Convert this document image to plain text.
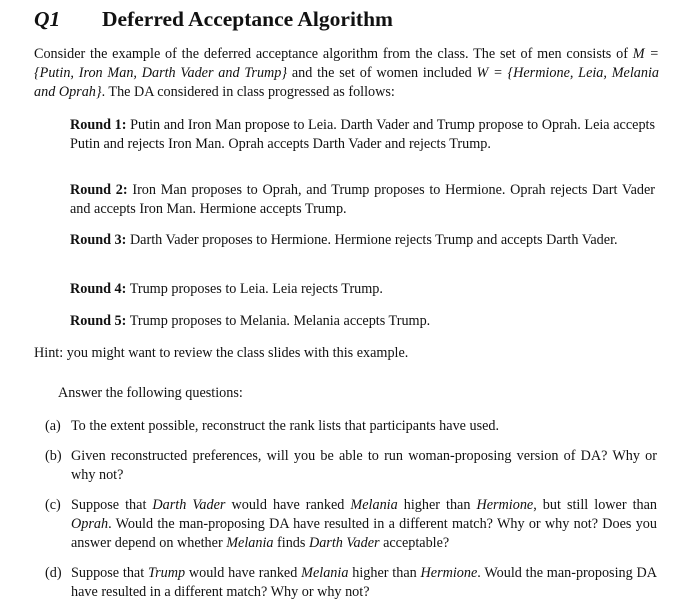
Q1 Deferred Acceptance Algorithm
Consider the example of the deferred acceptance algorithm from the class. The set of men consists of M = {Putin, Iron Man, Darth Vader and Trump} and the set of women included W = {Hermione, Leia, Melania and Oprah}. The DA considered in class progressed as follows:
Round 1: Putin and Iron Man propose to Leia. Darth Vader and Trump propose to Oprah. Leia accepts Putin and rejects Iron Man. Oprah accepts Darth Vader and rejects Trump.
Round 2: Iron Man proposes to Oprah, and Trump proposes to Hermione. Oprah rejects Dart Vader and accepts Iron Man. Hermione accepts Trump.
Round 3: Darth Vader proposes to Hermione. Hermione rejects Trump and accepts Darth Vader.
Round 4: Trump proposes to Leia. Leia rejects Trump.
Round 5: Trump proposes to Melania. Melania accepts Trump.
Hint: you might want to review the class slides with this example.
Answer the following questions:
(a) To the extent possible, reconstruct the rank lists that participants have used.
(b) Given reconstructed preferences, will you be able to run woman-proposing version of DA? Why or why not?
(c) Suppose that Darth Vader would have ranked Melania higher than Hermione, but still lower than Oprah. Would the man-proposing DA have resulted in a different match? Why or why not? Does you answer depend on whether Melania finds Darth Vader acceptable?
(d) Suppose that Trump would have ranked Melania higher than Hermione. Would the man-proposing DA have resulted in a different match? Why or why not?
